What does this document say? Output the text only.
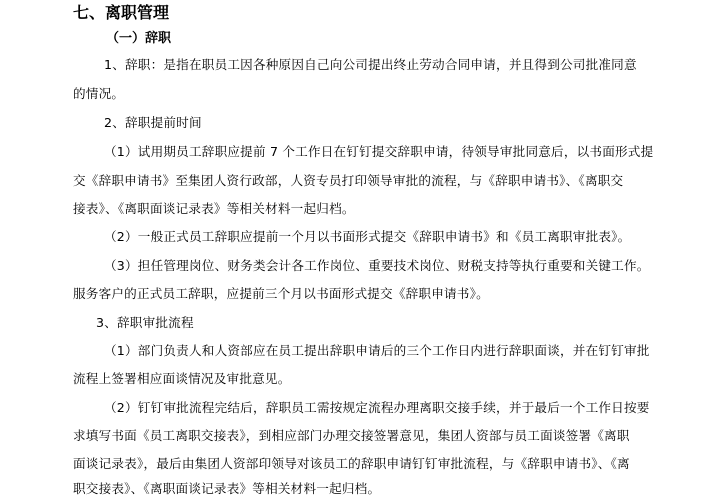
七、离职管理
（一）辞职
1、辞职：是指在职员工因各种原因自己向公司提出终止劳动合同申请，并且得到公司批准同意
的情况。
2、辞职提前时间
（1）试用期员工辞职应提前 7 个工作日在钉钉提交辞职申请，待领导审批同意后，以书面形式提
交《辞职申请书》至集团人资行政部，人资专员打印领导审批的流程，与《辞职申请书》、《离职交
接表》、《离职面谈记录表》等相关材料一起归档。
（2）一般正式员工辞职应提前一个月以书面形式提交《辞职申请书》和《员工离职审批表》。
（3）担任管理岗位、财务类会计各工作岗位、重要技术岗位、财税支持等执行重要和关键工作。
服务客户的正式员工辞职，应提前三个月以书面形式提交《辞职申请书》。
3、辞职审批流程
（1）部门负责人和人资部应在员工提出辞职申请后的三个工作日内进行辞职面谈，并在钉钉审批
流程上签署相应面谈情况及审批意见。
（2）钉钉审批流程完结后，辞职员工需按规定流程办理离职交接手续，并于最后一个工作日按要
求填写书面《员工离职交接表》，到相应部门办理交接签署意见，集团人资部与员工面谈签署《离职
面谈记录表》，最后由集团人资部印领导对该员工的辞职申请钉钉审批流程，与《辞职申请书》、《离
职交接表》、《离职面谈记录表》等相关材料一起归档。
